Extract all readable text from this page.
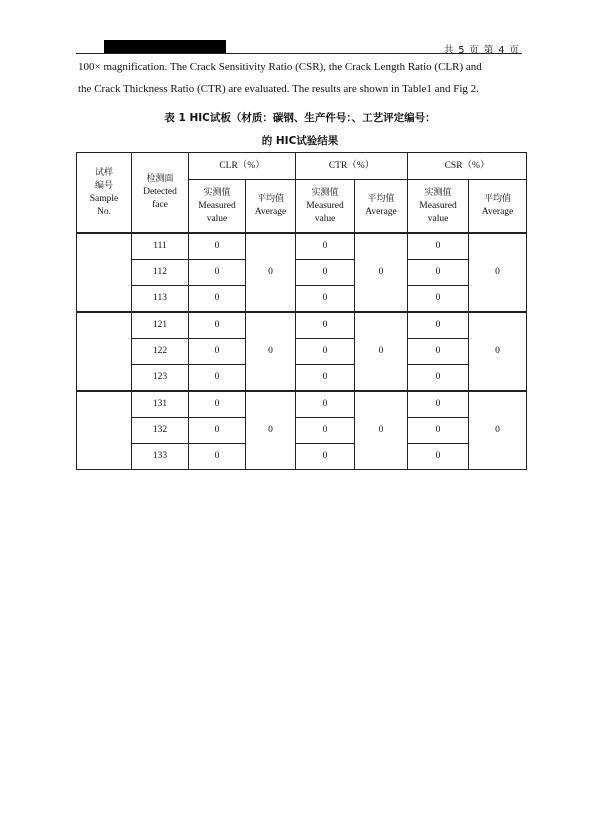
共 5 页 第 4 页
100× magnification. The Crack Sensitivity Ratio (CSR), the Crack Length Ratio (CLR) and
the Crack Thickness Ratio (CTR) are evaluated. The results are shown in Table1 and Fig 2.
表 1 HIC试板（材质：碳钢、生产件号：、工艺评定编号：
的 HIC试验结果
试样
编号
Sample
No.	检测面
Detected
face	CLR（%）		CTR（%）		CSR（%）	

		实测值
Measured
value	平均值
Average	实测值
Measured
value	平均值
Average	实测值
Measured
value	平均值
Average

	111	0	0	0	0	0	0
	112	0		0		0	
	113	0		0		0	
	121	0	0	0	0	0	0
	122	0		0		0	
	123	0		0		0	
	131	0	0	0	0	0	0
	132	0		0		0	
	133	0		0		0	
